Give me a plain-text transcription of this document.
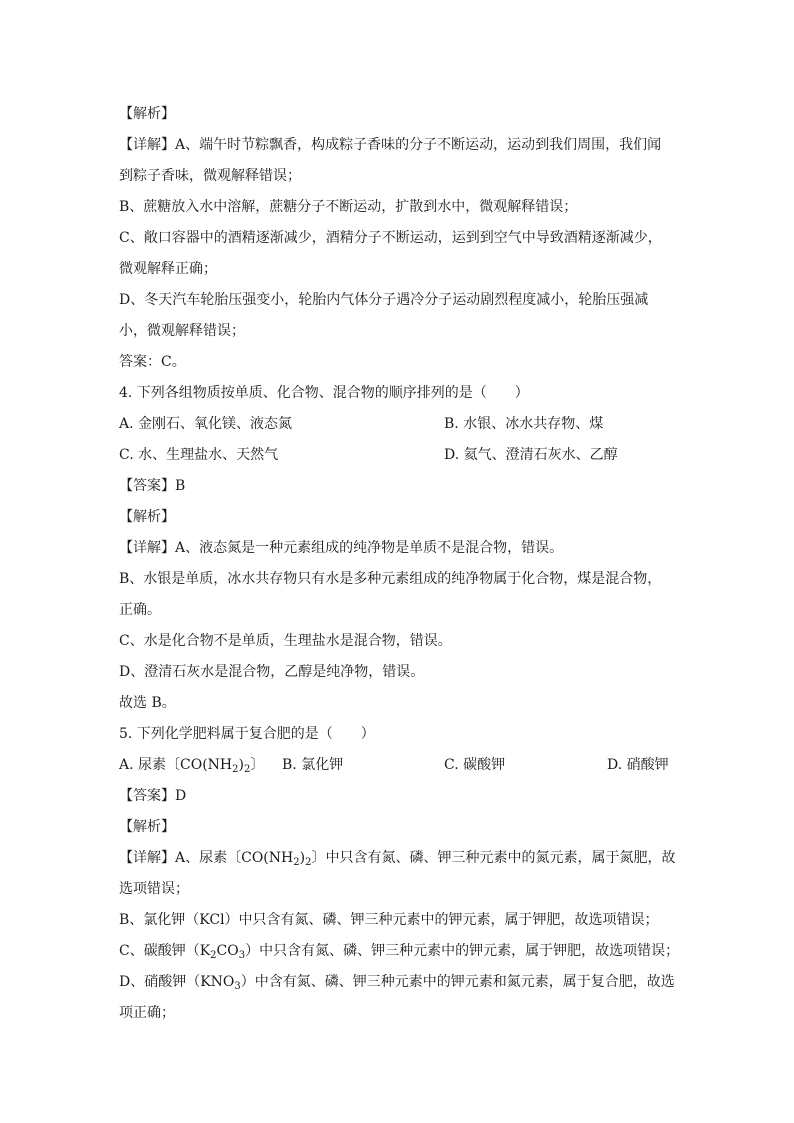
【解析】
【详解】A、端午时节粽飘香，构成粽子香味的分子不断运动，运动到我们周围，我们闻
到粽子香味，微观解释错误；
B、蔗糖放入水中溶解，蔗糖分子不断运动，扩散到水中，微观解释错误；
C、敞口容器中的酒精逐渐减少，酒精分子不断运动，运到到空气中导致酒精逐渐减少，
微观解释正确；
D、冬天汽车轮胎压强变小，轮胎内气体分子遇冷分子运动剧烈程度减小，轮胎压强减
小，微观解释错误；
答案：C。
4. 下列各组物质按单质、化合物、混合物的顺序排列的是（　　）
A. 金刚石、氧化镁、液态氮	B. 水银、冰水共存物、煤
C. 水、生理盐水、天然气	D. 氦气、澄清石灰水、乙醇
【答案】B
【解析】
【详解】A、液态氮是一种元素组成的纯净物是单质不是混合物，错误。
B、水银是单质，冰水共存物只有水是多种元素组成的纯净物属于化合物，煤是混合物，
正确。
C、水是化合物不是单质，生理盐水是混合物，错误。
D、澄清石灰水是混合物，乙醇是纯净物，错误。
故选 B。
5. 下列化学肥料属于复合肥的是（　　）
A. 尿素〔$CO(NH_2)_2$〕 B. 氯化钾	C. 碳酸钾	D. 硝酸钾
【答案】D
【解析】
【详解】A、尿素〔$CO(NH_2)_2$〕中只含有氮、磷、钾三种元素中的氮元素，属于氮肥，故
选项错误；
B、氯化钾（KCl）中只含有氮、磷、钾三种元素中的钾元素，属于钾肥，故选项错误；
C、碳酸钾$(K_2CO_3)$中只含有氮、磷、钾三种元素中的钾元素，属于钾肥，故选项错误；
D、硝酸钾$(KNO_3)$中含有氮、磷、钾三种元素中的钾元素和氮元素，属于复合肥，故选
项正确；
